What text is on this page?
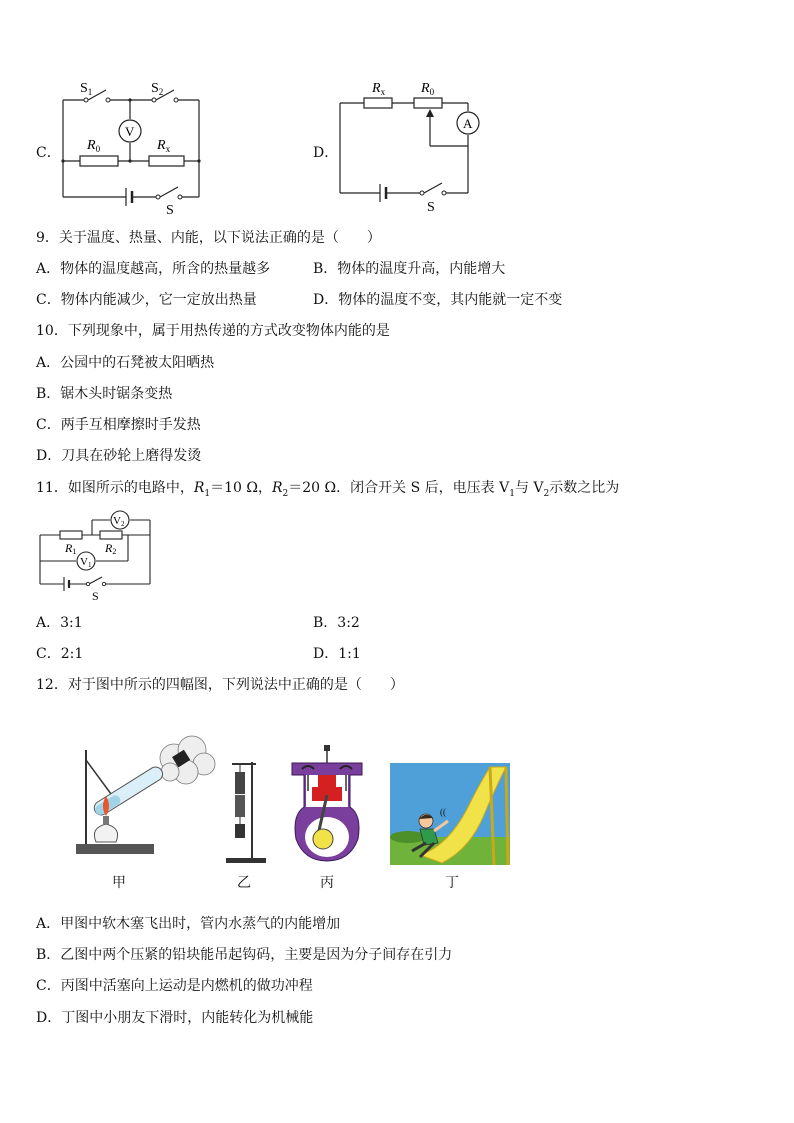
C．
$S_1$	$S_2$
V
$R_0$	$R_x$
S
D．
$R_x$	$R_0$
A
S
9．关于温度、热量、内能，以下说法正确的是（　　）
A．物体的温度越高，所含的热量越多	B．物体的温度升高，内能增大
C．物体内能减少，它一定放出热量	D．物体的温度不变，其内能就一定不变
10．下列现象中，属于用热传递的方式改变物体内能的是
A．公园中的石凳被太阳晒热
B．锯木头时锯条变热
C．两手互相摩擦时手发热
D．刀具在砂轮上磨得发烫
11．如图所示的电路中，$R_1=10$ Ω，$R_2=20$ Ω．闭合开关 S 后，电压表 $V_1$与 $V_2$示数之比为
V2
V1
R1 R2
S
A．3:1	B．3:2
C．2:1	D．1:1
12．对于图中所示的四幅图，下列说法中正确的是（　　）
甲	乙	丙
((
丁
A．甲图中软木塞飞出时，管内水蒸气的内能增加
B．乙图中两个压紧的铅块能吊起钩码，主要是因为分子间存在引力
C．丙图中活塞向上运动是内燃机的做功冲程
D．丁图中小朋友下滑时，内能转化为机械能
